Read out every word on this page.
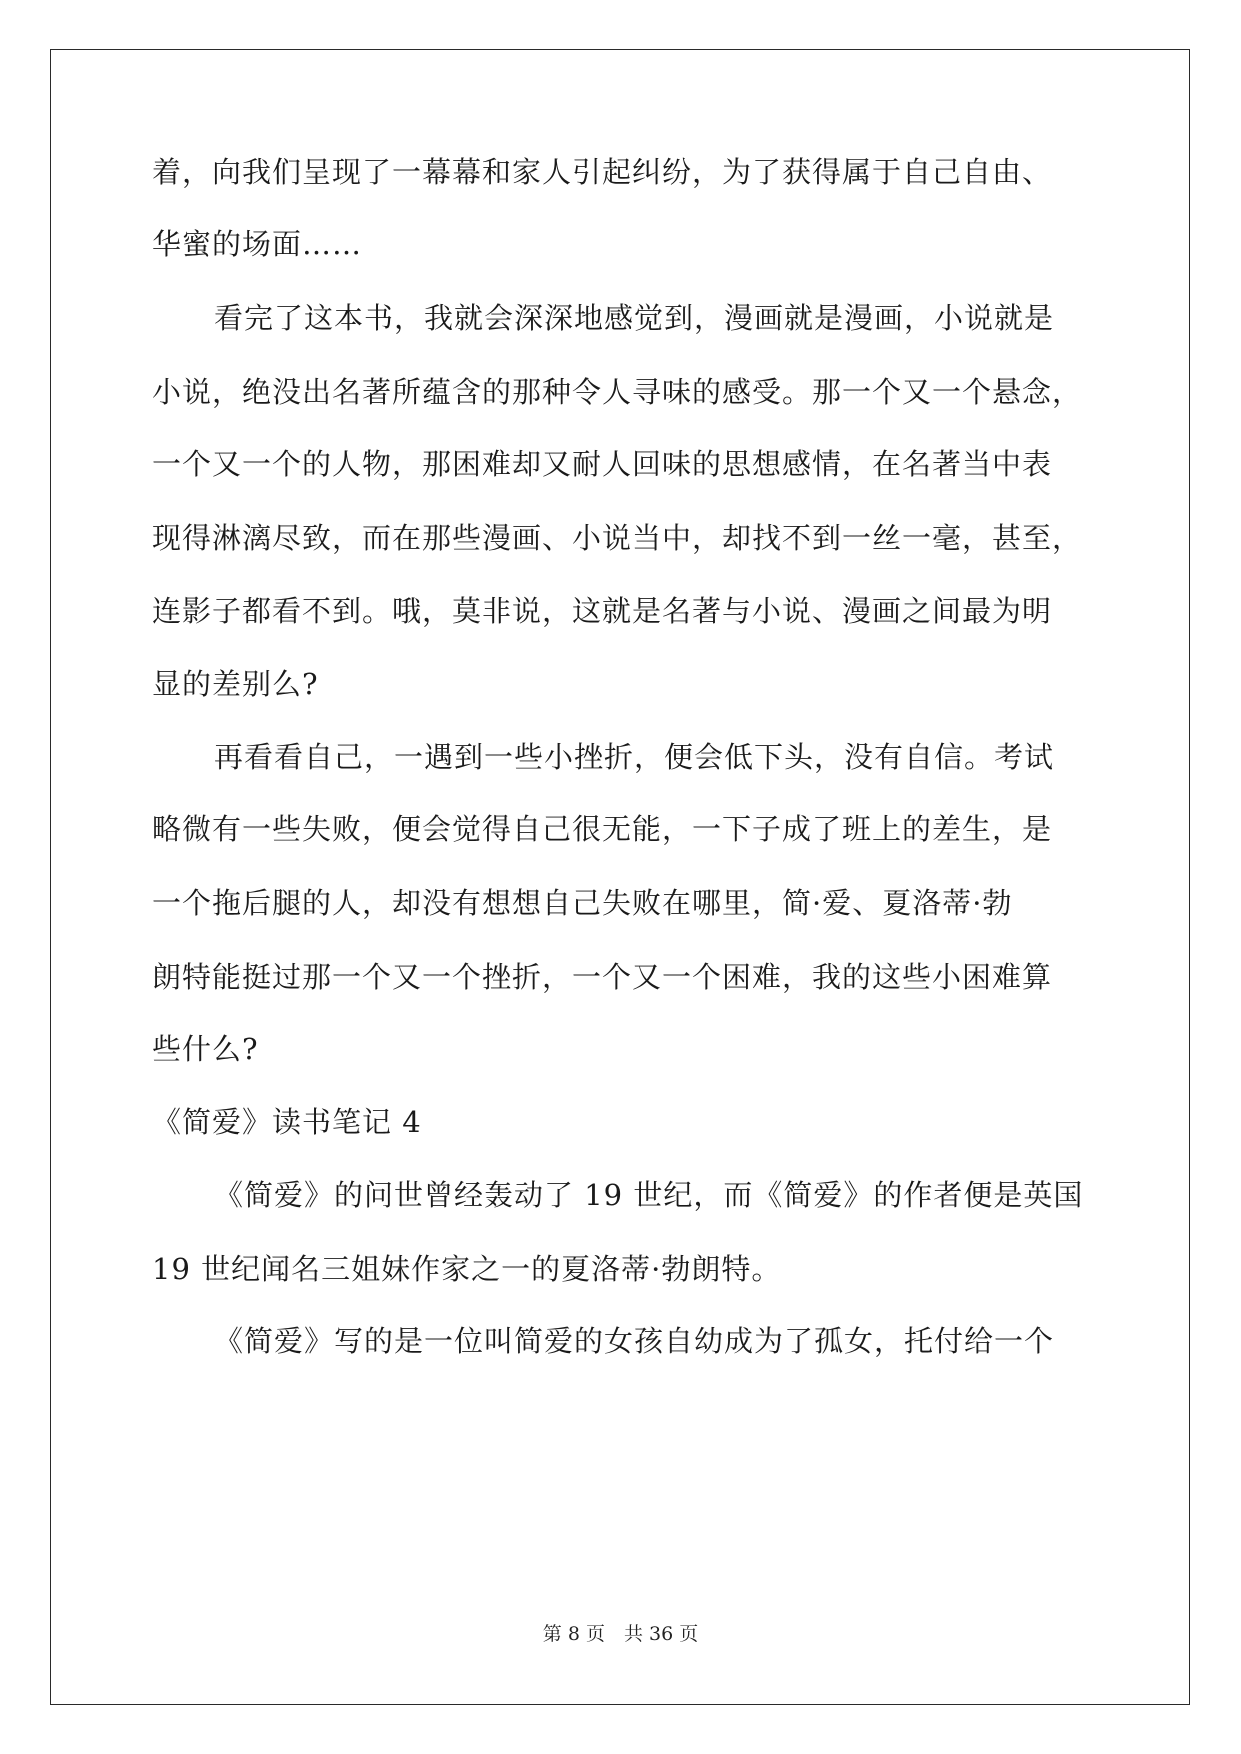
着，向我们呈现了一幕幕和家人引起纠纷，为了获得属于自己自由、
华蜜的场面……
看完了这本书，我就会深深地感觉到，漫画就是漫画，小说就是
小说，绝没出名著所蕴含的那种令人寻味的感受。那一个又一个悬念，
一个又一个的人物，那困难却又耐人回味的思想感情，在名著当中表
现得淋漓尽致，而在那些漫画、小说当中，却找不到一丝一毫，甚至，
连影子都看不到。哦，莫非说，这就是名著与小说、漫画之间最为明
显的差别么?
再看看自己，一遇到一些小挫折，便会低下头，没有自信。考试
略微有一些失败，便会觉得自己很无能，一下子成了班上的差生，是
一个拖后腿的人，却没有想想自己失败在哪里，简·爱、夏洛蒂·勃
朗特能挺过那一个又一个挫折，一个又一个困难，我的这些小困难算
些什么?
《简爱》读书笔记 4
《简爱》的问世曾经轰动了 19 世纪，而《简爱》的作者便是英国
19 世纪闻名三姐妹作家之一的夏洛蒂·勃朗特。
《简爱》写的是一位叫简爱的女孩自幼成为了孤女，托付给一个
第 8 页　共 36 页
